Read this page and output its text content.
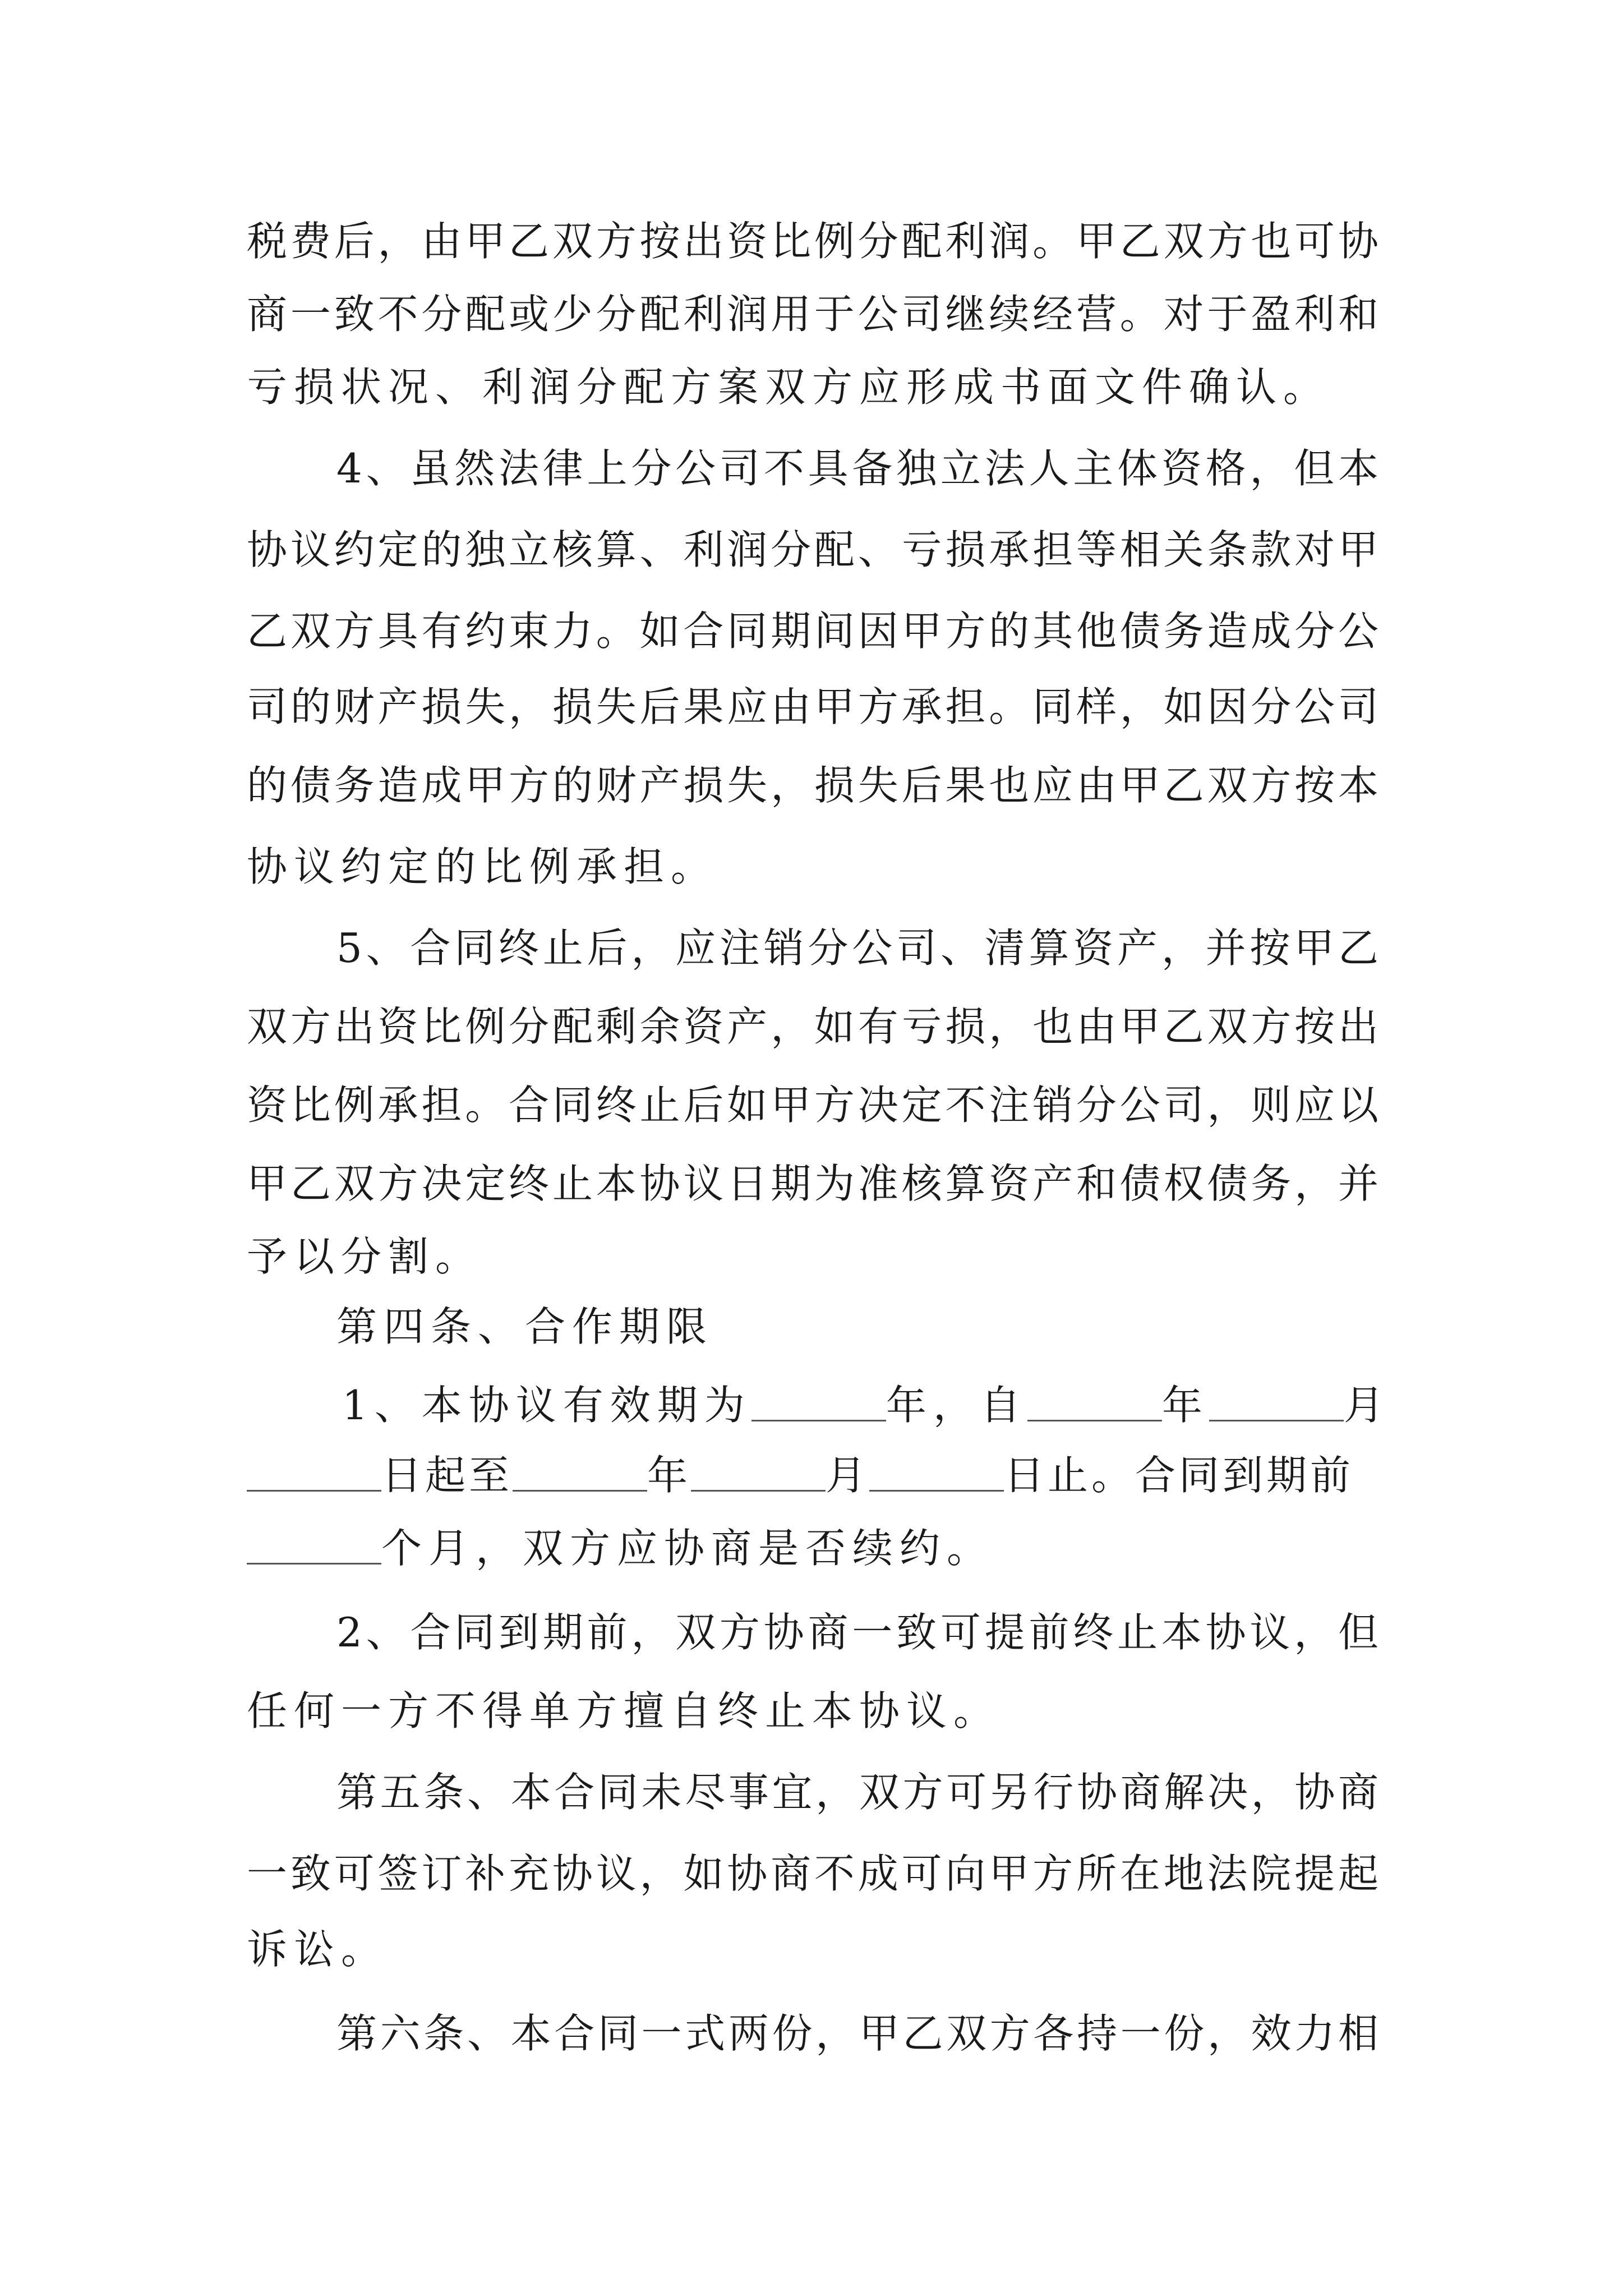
税费后，由甲乙双方按出资比例分配利润。甲乙双方也可协
商一致不分配或少分配利润用于公司继续经营。对于盈利和
亏损状况、利润分配方案双方应形成书面文件确认。
4、虽然法律上分公司不具备独立法人主体资格，但本
协议约定的独立核算、利润分配、亏损承担等相关条款对甲
乙双方具有约束力。如合同期间因甲方的其他债务造成分公
司的财产损失，损失后果应由甲方承担。同样，如因分公司
的债务造成甲方的财产损失，损失后果也应由甲乙双方按本
协议约定的比例承担。
5、合同终止后，应注销分公司、清算资产，并按甲乙
双方出资比例分配剩余资产，如有亏损，也由甲乙双方按出
资比例承担。合同终止后如甲方决定不注销分公司，则应以
甲乙双方决定终止本协议日期为准核算资产和债权债务，并
予以分割。
第四条、合作期限
1、本协议有效期为	年，自	年	月
日起至	年	月	日止。合同到期前
个月，双方应协商是否续约。
2、合同到期前，双方协商一致可提前终止本协议，但
任何一方不得单方擅自终止本协议。
第五条、本合同未尽事宜，双方可另行协商解决，协商
一致可签订补充协议，如协商不成可向甲方所在地法院提起
诉讼。
第六条、本合同一式两份，甲乙双方各持一份，效力相
